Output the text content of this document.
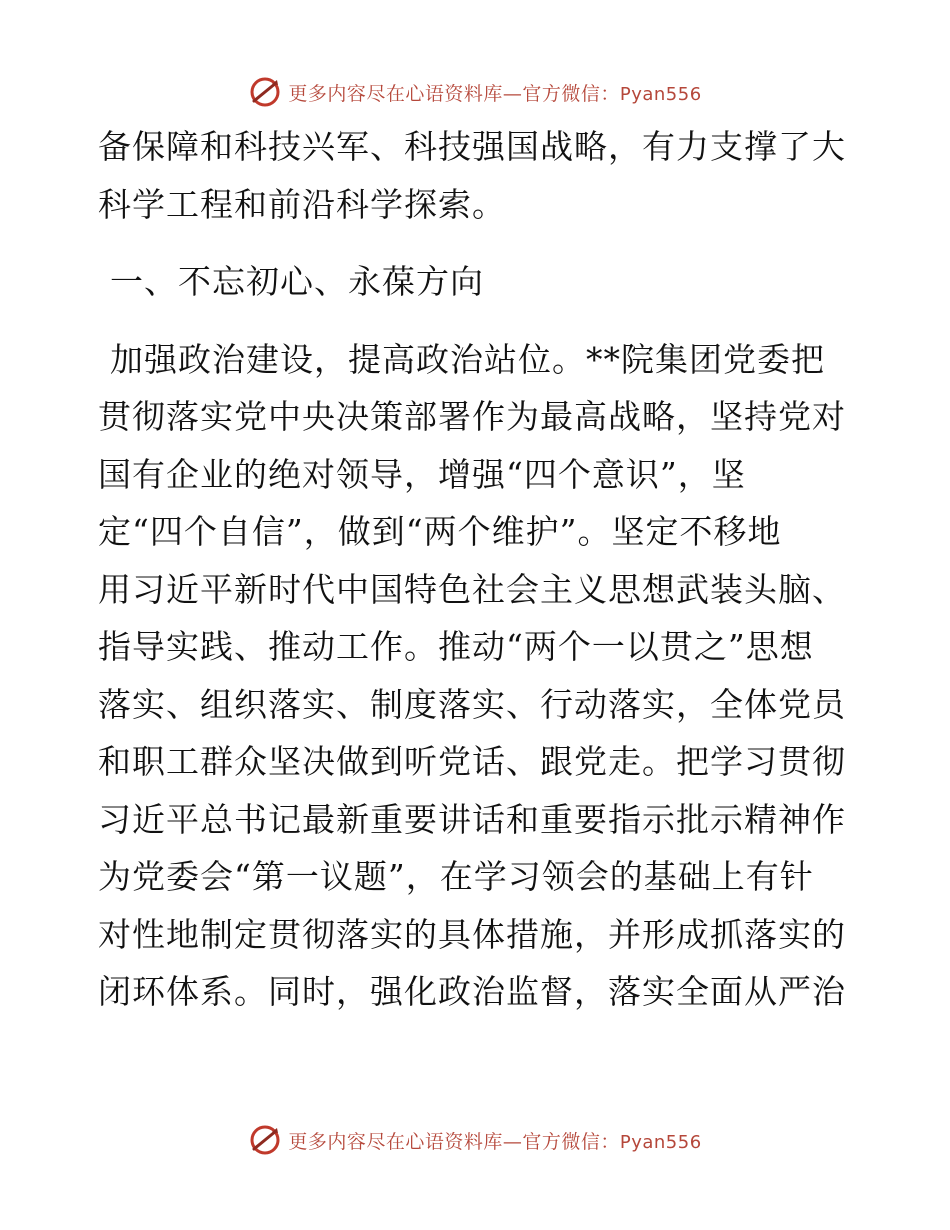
更多内容尽在心语资料库—官方微信：Pyan556
备保障和科技兴军、科技强国战略，有力支撑了大
科学工程和前沿科学探索。
一、不忘初心、永葆方向
加强政治建设，提高政治站位。**院集团党委把
贯彻落实党中央决策部署作为最高战略，坚持党对
国有企业的绝对领导，增强“四个意识”，坚
定“四个自信”，做到“两个维护”。坚定不移地
用习近平新时代中国特色社会主义思想武装头脑、
指导实践、推动工作。推动“两个一以贯之”思想
落实、组织落实、制度落实、行动落实，全体党员
和职工群众坚决做到听党话、跟党走。把学习贯彻
习近平总书记最新重要讲话和重要指示批示精神作
为党委会“第一议题”，在学习领会的基础上有针
对性地制定贯彻落实的具体措施，并形成抓落实的
闭环体系。同时，强化政治监督，落实全面从严治
更多内容尽在心语资料库—官方微信：Pyan556
